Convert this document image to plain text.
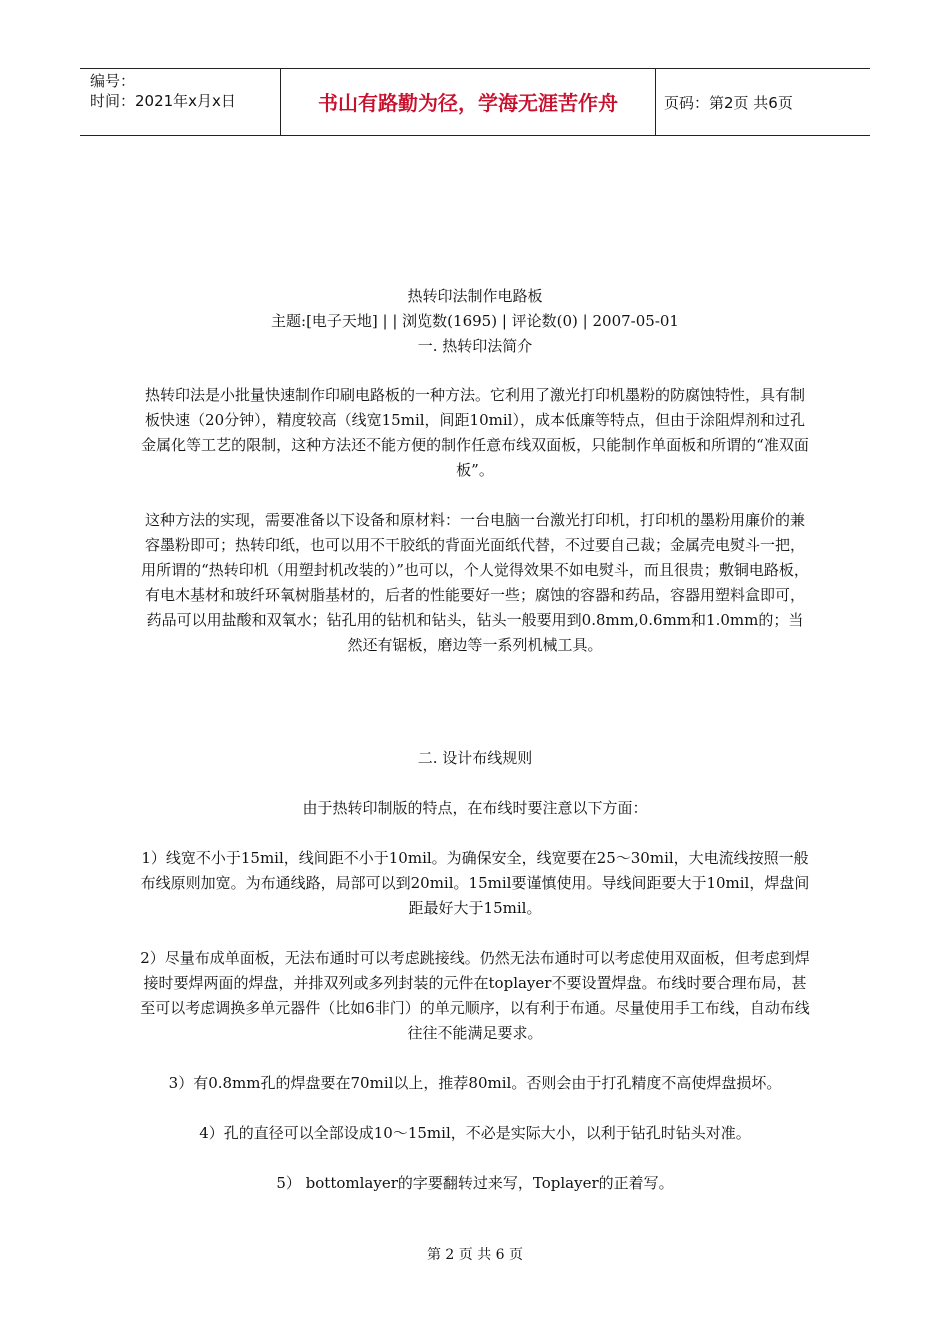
编号：
时间：2021年x月x日	书山有路勤为径，学海无涯苦作舟	页码：第2页 共6页

热转印法制作电路板

主题:[电子天地] | | 浏览数(1695) | 评论数(0) | 2007-05-01

一. 热转印法简介

热转印法是小批量快速制作印刷电路板的一种方法。它利用了激光打印机墨粉的防腐蚀特性，具有制板快速（20分钟），精度较高（线宽15mil，间距10mil），成本低廉等特点，但由于涂阻焊剂和过孔金属化等工艺的限制，这种方法还不能方便的制作任意布线双面板，只能制作单面板和所谓的“准双面板”。

这种方法的实现，需要准备以下设备和原材料：一台电脑一台激光打印机，打印机的墨粉用廉价的兼容墨粉即可；热转印纸，也可以用不干胶纸的背面光面纸代替，不过要自己裁；金属壳电熨斗一把，用所谓的“热转印机（用塑封机改装的）”也可以，个人觉得效果不如电熨斗，而且很贵；敷铜电路板，有电木基材和玻纤环氧树脂基材的，后者的性能要好一些；腐蚀的容器和药品，容器用塑料盒即可，药品可以用盐酸和双氧水；钻孔用的钻机和钻头，钻头一般要用到0.8mm,0.6mm和1.0mm的；当然还有锯板，磨边等一系列机械工具。

二. 设计布线规则

由于热转印制版的特点，在布线时要注意以下方面：

1）线宽不小于15mil，线间距不小于10mil。为确保安全，线宽要在25～30mil，大电流线按照一般布线原则加宽。为布通线路，局部可以到20mil。15mil要谨慎使用。导线间距要大于10mil，焊盘间距最好大于15mil。

2）尽量布成单面板，无法布通时可以考虑跳接线。仍然无法布通时可以考虑使用双面板，但考虑到焊接时要焊两面的焊盘，并排双列或多列封装的元件在toplayer不要设置焊盘。布线时要合理布局，甚至可以考虑调换多单元器件（比如6非门）的单元顺序，以有利于布通。尽量使用手工布线，自动布线往往不能满足要求。

3）有0.8mm孔的焊盘要在70mil以上，推荐80mil。否则会由于打孔精度不高使焊盘损坏。

4）孔的直径可以全部设成10～15mil，不必是实际大小，以利于钻孔时钻头对准。

5） bottomlayer的字要翻转过来写，Toplayer的正着写。

第 2 页 共 6 页
